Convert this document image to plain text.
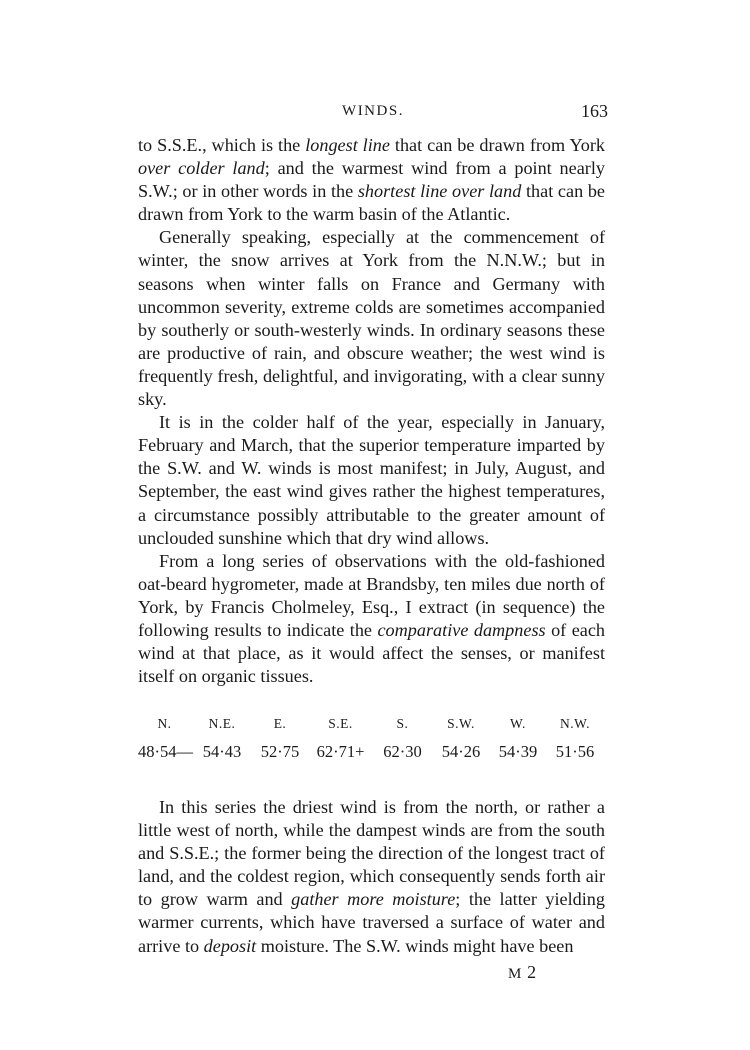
WINDS.	163

to S.S.E., which is the longest line that can be drawn from York over colder land; and the warmest wind from a point nearly S.W.; or in other words in the shortest line over land that can be drawn from York to the warm basin of the Atlantic.

Generally speaking, especially at the commencement of winter, the snow arrives at York from the N.N.W.; but in seasons when winter falls on France and Germany with uncommon severity, extreme colds are sometimes accompanied by southerly or south-westerly winds. In ordinary seasons these are productive of rain, and obscure weather; the west wind is frequently fresh, delightful, and invigorating, with a clear sunny sky.

It is in the colder half of the year, especially in January, February and March, that the superior temperature imparted by the S.W. and W. winds is most manifest; in July, August, and September, the east wind gives rather the highest temperatures, a circumstance possibly attributable to the greater amount of unclouded sunshine which that dry wind allows.

From a long series of observations with the old-fashioned oat-beard hygrometer, made at Brandsby, ten miles due north of York, by Francis Cholmeley, Esq., I extract (in sequence) the following results to indicate the comparative dampness of each wind at that place, as it would affect the senses, or manifest itself on organic tissues.

N.	N.E.	E.	S.E.	S.	S.W.	W.	N.W.
48·54—	54·43	52·75	62·71+	62·30	54·26	54·39	51·56

In this series the driest wind is from the north, or rather a little west of north, while the dampest winds are from the south and S.S.E.; the former being the direction of the longest tract of land, and the coldest region, which consequently sends forth air to grow warm and gather more moisture; the latter yielding warmer currents, which have traversed a surface of water and arrive to deposit moisture. The S.W. winds might have been

M 2
